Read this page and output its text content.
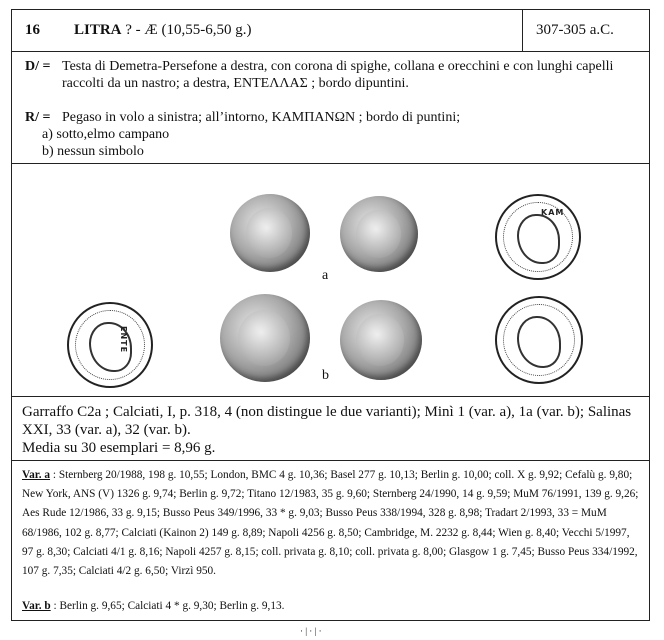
16 LITRA ? - Æ (10,55-6,50 g.)	307-305 a.C.
D/ = Testa di Demetra-Persefone a destra, con corona di spighe, collana e orecchini e con lunghi capelli raccolti da un nastro; a destra, ΕΝΤΕΛΛΑΣ ; bordo dipuntini.
R/ = Pegaso in volo a sinistra; all’intorno, ΚΑΜΠΑΝΩΝ ; bordo di puntini;
a) sotto,elmo campano
b) nessun simbolo
ΚΑΜ
a
ΕΝΤΕ
b
Garraffo C2a ; Calciati, I, p. 318, 4 (non distingue le due varianti); Minì 1 (var. a), 1a (var. b); Salinas XXI, 33 (var. a), 32 (var. b).
Media su 30 esemplari = 8,96 g.
Var. a : Sternberg 20/1988, 198 g. 10,55; London, BMC 4 g. 10,36; Basel 277 g. 10,13; Berlin g. 10,00; coll. X g. 9,92; Cefalù g. 9,80; New York, ANS (V) 1326 g. 9,74; Berlin g. 9,72; Titano 12/1983, 35 g. 9,60; Sternberg 24/1990, 14 g. 9,59; MuM 76/1991, 139 g. 9,26; Aes Rude 12/1986, 33 g. 9,15; Busso Peus 349/1996, 33 * g. 9,03; Busso Peus 338/1994, 328 g. 8,98; Tradart 2/1993, 33 = MuM 68/1986, 102 g. 8,77; Calciati (Kainon 2) 149 g. 8,89; Napoli 4256 g. 8,50; Cambridge, M. 2232 g. 8,44; Wien g. 8,40; Vecchi 5/1997, 97 g. 8,30; Calciati 4/1 g. 8,16; Napoli 4257 g. 8,15; coll. privata g. 8,10; coll. privata g. 8,00; Glasgow 1 g. 7,45; Busso Peus 334/1992, 107 g. 7,35; Calciati 4/2 g. 6,50; Virzì 950.
Var. b : Berlin g. 9,65; Calciati 4 * g. 9,30; Berlin g. 9,13.
· | · | ·
